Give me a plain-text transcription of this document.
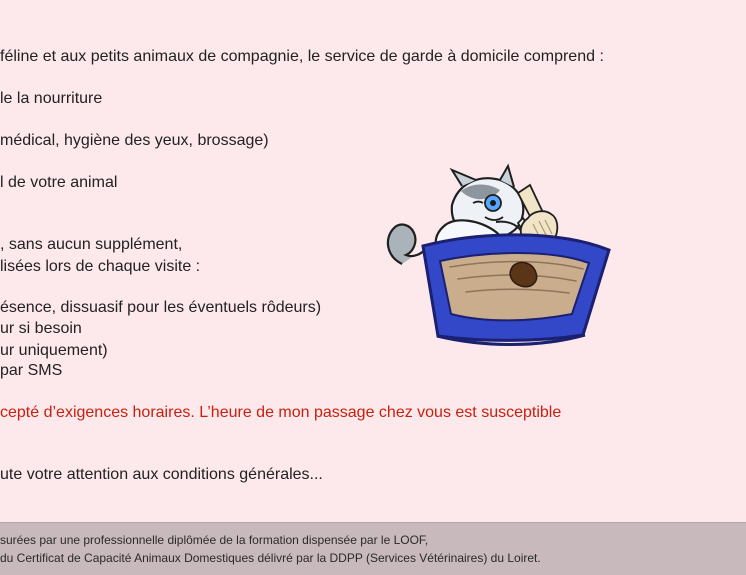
féline et aux petits animaux de compagnie, le service de garde à domicile comprend :

le la nourriture

médical, hygiène des yeux, brossage)

l de votre animal

, sans aucun supplément,

lisées lors de chaque visite :

ésence, dissuasif pour les éventuels rôdeurs)

ur si besoin

ur uniquement)

par SMS

cepté d’exigences horaires. L’heure de mon passage chez vous est susceptible

ute votre attention aux conditions générales...

surées par une professionnelle diplômée de la formation dispensée par le LOOF,

du Certificat de Capacité Animaux Domestiques délivré par la DDPP (Services Vétérinaires) du Loiret.
